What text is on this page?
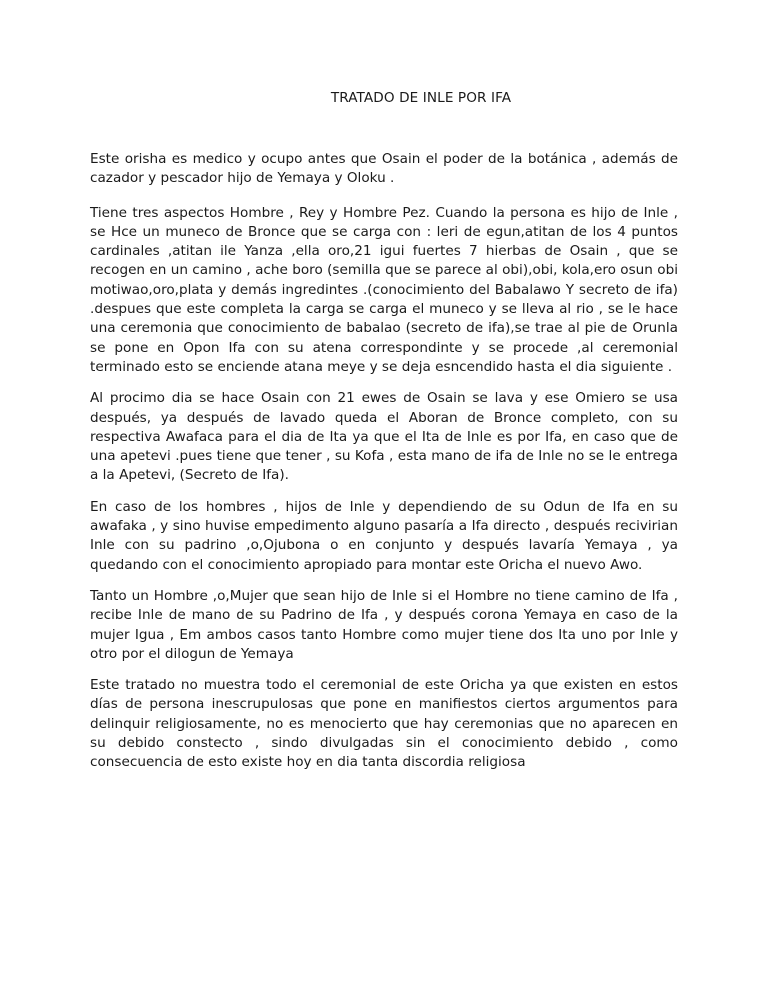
TRATADO DE INLE POR IFA

Este orisha es medico y ocupo antes que Osain el poder de la botánica , además de cazador y pescador hijo de Yemaya y Oloku .

Tiene tres aspectos Hombre , Rey y Hombre Pez. Cuando la persona es hijo de Inle , se Hce un muneco de Bronce que se carga con : leri de egun,atitan de los 4 puntos cardinales ,atitan ile Yanza ,ella oro,21 igui fuertes 7 hierbas de Osain , que se recogen en un camino , ache boro (semilla que se parece al obi),obi, kola,ero osun obi motiwao,oro,plata y demás ingredintes .(conocimiento del Babalawo Y secreto de ifa) .despues que este completa la carga se carga el muneco y se lleva al rio , se le hace una ceremonia que conocimiento de babalao (secreto de ifa),se trae al pie de Orunla se pone en Opon Ifa con su atena correspondinte y se procede ,al ceremonial terminado esto se enciende atana meye y se deja esncendido hasta el dia siguiente .

Al procimo dia se hace Osain con 21 ewes de Osain se lava y ese Omiero se usa después, ya después de lavado queda el Aboran de Bronce completo, con su respectiva Awafaca para el dia de Ita ya que el Ita de Inle es por Ifa, en caso que de una apetevi .pues tiene que tener , su Kofa , esta mano de ifa de Inle no se le entrega a la Apetevi, (Secreto de Ifa).

En caso de los hombres , hijos de Inle y dependiendo de su Odun de Ifa en su awafaka , y sino huvise empedimento alguno pasaría a Ifa directo , después recivirian Inle con su padrino ,o,Ojubona o en conjunto y después lavaría Yemaya , ya quedando con el conocimiento apropiado para montar este Oricha el nuevo Awo.

Tanto un Hombre ,o,Mujer que sean hijo de Inle si el Hombre no tiene camino de Ifa , recibe Inle de mano de su Padrino de Ifa , y después corona Yemaya en caso de la mujer Igua , Em ambos casos tanto Hombre como mujer tiene dos Ita uno por Inle y otro por el dilogun de Yemaya

Este tratado no muestra todo el ceremonial de este Oricha ya que existen en estos días de persona inescrupulosas que pone en manifiestos ciertos argumentos para delinquir religiosamente, no es menocierto que hay ceremonias que no aparecen en su debido constecto , sindo divulgadas sin el conocimiento debido , como consecuencia de esto existe hoy en dia tanta discordia religiosa
